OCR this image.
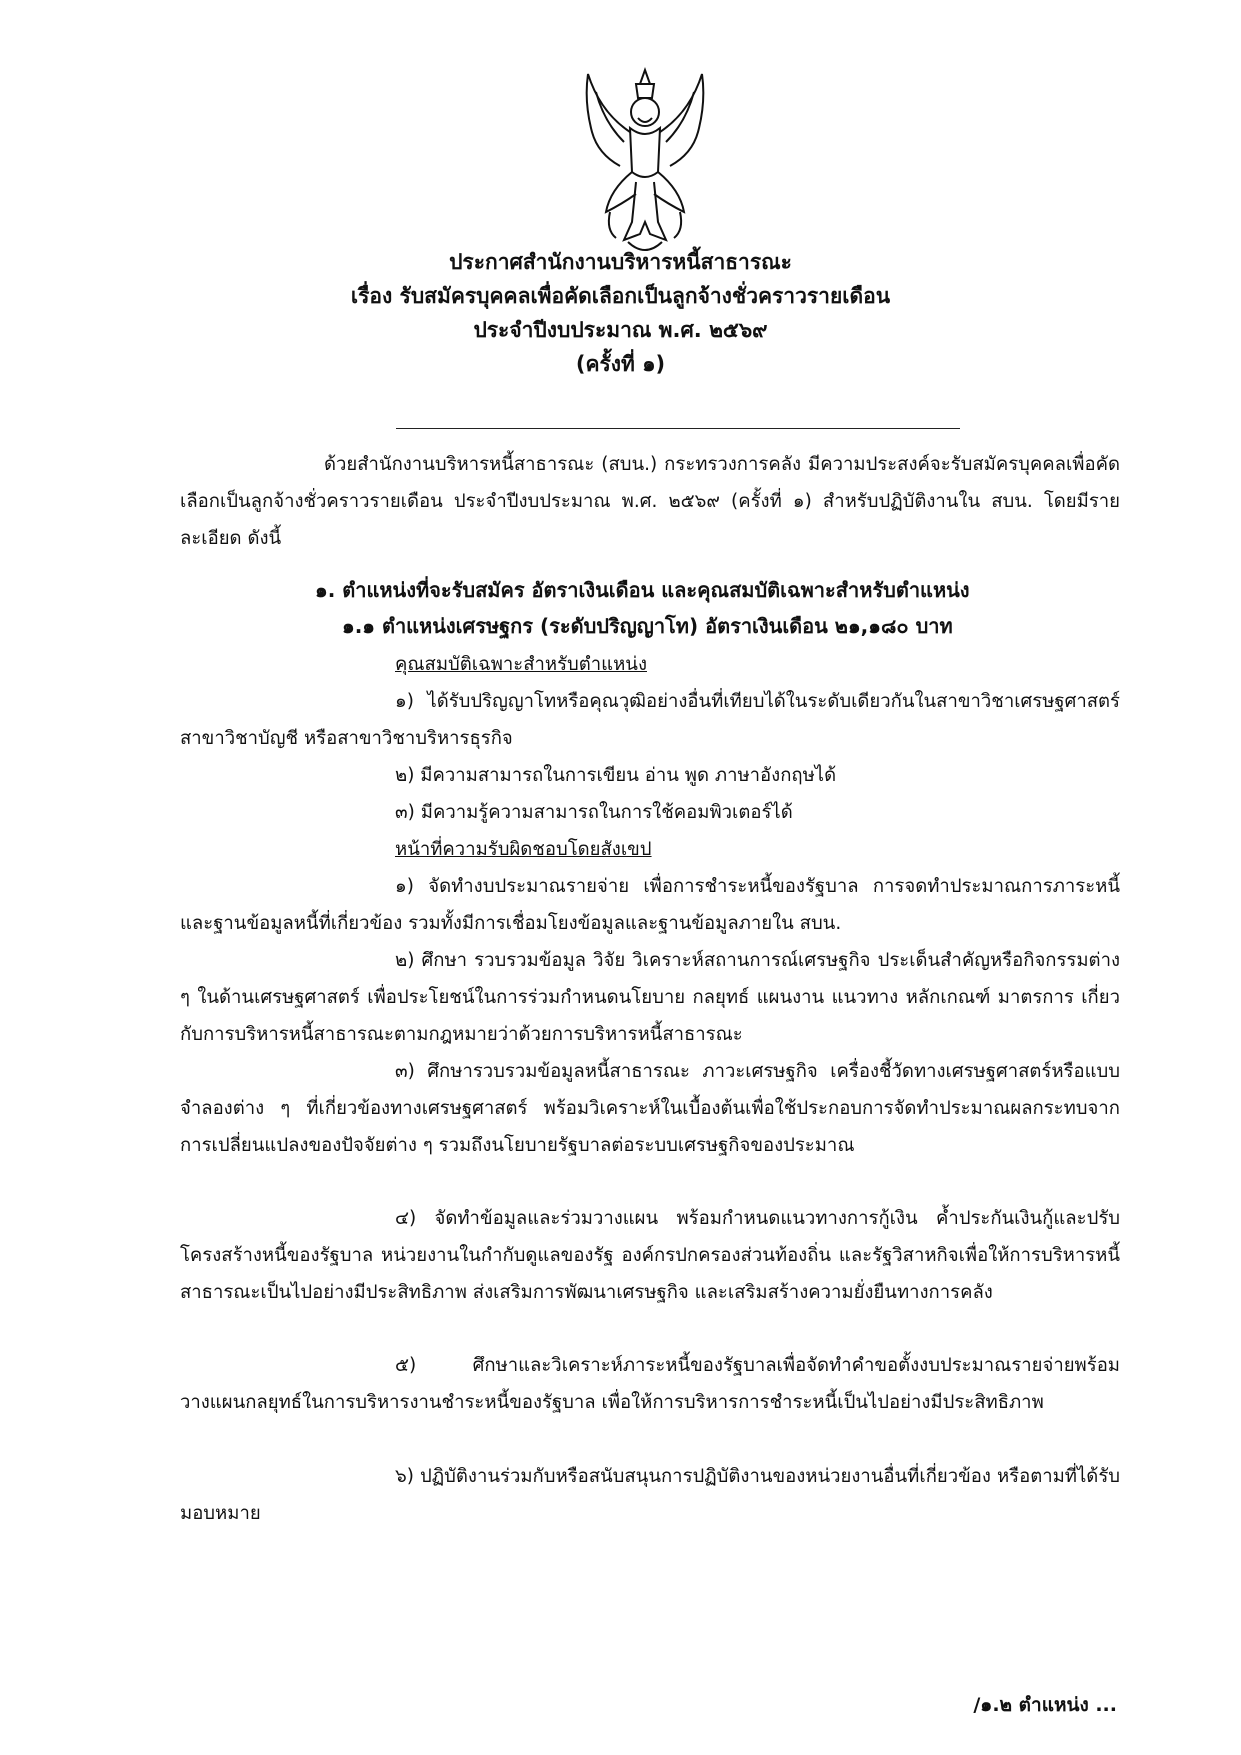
ประกาศสำนักงานบริหารหนี้สาธารณะ
เรื่อง รับสมัครบุคคลเพื่อคัดเลือกเป็นลูกจ้างชั่วคราวรายเดือน
ประจำปีงบประมาณ พ.ศ. ๒๕๖๙
(ครั้งที่ ๑)

ด้วยสำนักงานบริหารหนี้สาธารณะ (สบน.) กระทรวงการคลัง มีความประสงค์จะรับสมัครบุคคลเพื่อคัดเลือกเป็นลูกจ้างชั่วคราวรายเดือน ประจำปีงบประมาณ พ.ศ. ๒๕๖๙ (ครั้งที่ ๑) สำหรับปฏิบัติงานใน สบน. โดยมีรายละเอียด ดังนี้

๑. ตำแหน่งที่จะรับสมัคร อัตราเงินเดือน และคุณสมบัติเฉพาะสำหรับตำแหน่ง

๑.๑ ตำแหน่งเศรษฐกร (ระดับปริญญาโท) อัตราเงินเดือน ๒๑,๑๘๐ บาท

คุณสมบัติเฉพาะสำหรับตำแหน่ง

๑) ได้รับปริญญาโทหรือคุณวุฒิอย่างอื่นที่เทียบได้ในระดับเดียวกันในสาขาวิชาเศรษฐศาสตร์ สาขาวิชาบัญชี หรือสาขาวิชาบริหารธุรกิจ

๒) มีความสามารถในการเขียน อ่าน พูด ภาษาอังกฤษได้

๓) มีความรู้ความสามารถในการใช้คอมพิวเตอร์ได้

หน้าที่ความรับผิดชอบโดยสังเขป

๑) จัดทำงบประมาณรายจ่าย เพื่อการชำระหนี้ของรัฐบาล การจดทำประมาณการภาระหนี้และฐานข้อมูลหนี้ที่เกี่ยวข้อง รวมทั้งมีการเชื่อมโยงข้อมูลและฐานข้อมูลภายใน สบน.

๒) ศึกษา รวบรวมข้อมูล วิจัย วิเคราะห์สถานการณ์เศรษฐกิจ ประเด็นสำคัญหรือกิจกรรมต่าง ๆ ในด้านเศรษฐศาสตร์ เพื่อประโยชน์ในการร่วมกำหนดนโยบาย กลยุทธ์ แผนงาน แนวทาง หลักเกณฑ์ มาตรการ เกี่ยวกับการบริหารหนี้สาธารณะตามกฎหมายว่าด้วยการบริหารหนี้สาธารณะ

๓) ศึกษารวบรวมข้อมูลหนี้สาธารณะ ภาวะเศรษฐกิจ เครื่องชี้วัดทางเศรษฐศาสตร์หรือแบบจำลองต่าง ๆ ที่เกี่ยวข้องทางเศรษฐศาสตร์ พร้อมวิเคราะห์ในเบื้องต้นเพื่อใช้ประกอบการจัดทำประมาณผลกระทบจากการเปลี่ยนแปลงของปัจจัยต่าง ๆ รวมถึงนโยบายรัฐบาลต่อระบบเศรษฐกิจของประมาณ

๔) จัดทำข้อมูลและร่วมวางแผน พร้อมกำหนดแนวทางการกู้เงิน ค้ำประกันเงินกู้และปรับโครงสร้างหนี้ของรัฐบาล หน่วยงานในกำกับดูแลของรัฐ องค์กรปกครองส่วนท้องถิ่น และรัฐวิสาหกิจเพื่อให้การบริหารหนี้สาธารณะเป็นไปอย่างมีประสิทธิภาพ ส่งเสริมการพัฒนาเศรษฐกิจ และเสริมสร้างความยั่งยืนทางการคลัง

๕) ศึกษาและวิเคราะห์ภาระหนี้ของรัฐบาลเพื่อจัดทำคำขอตั้งงบประมาณรายจ่ายพร้อมวางแผนกลยุทธ์ในการบริหารงานชำระหนี้ของรัฐบาล เพื่อให้การบริหารการชำระหนี้เป็นไปอย่างมีประสิทธิภาพ

๖) ปฏิบัติงานร่วมกับหรือสนับสนุนการปฏิบัติงานของหน่วยงานอื่นที่เกี่ยวข้อง หรือตามที่ได้รับมอบหมาย

/๑.๒ ตำแหน่ง ...
